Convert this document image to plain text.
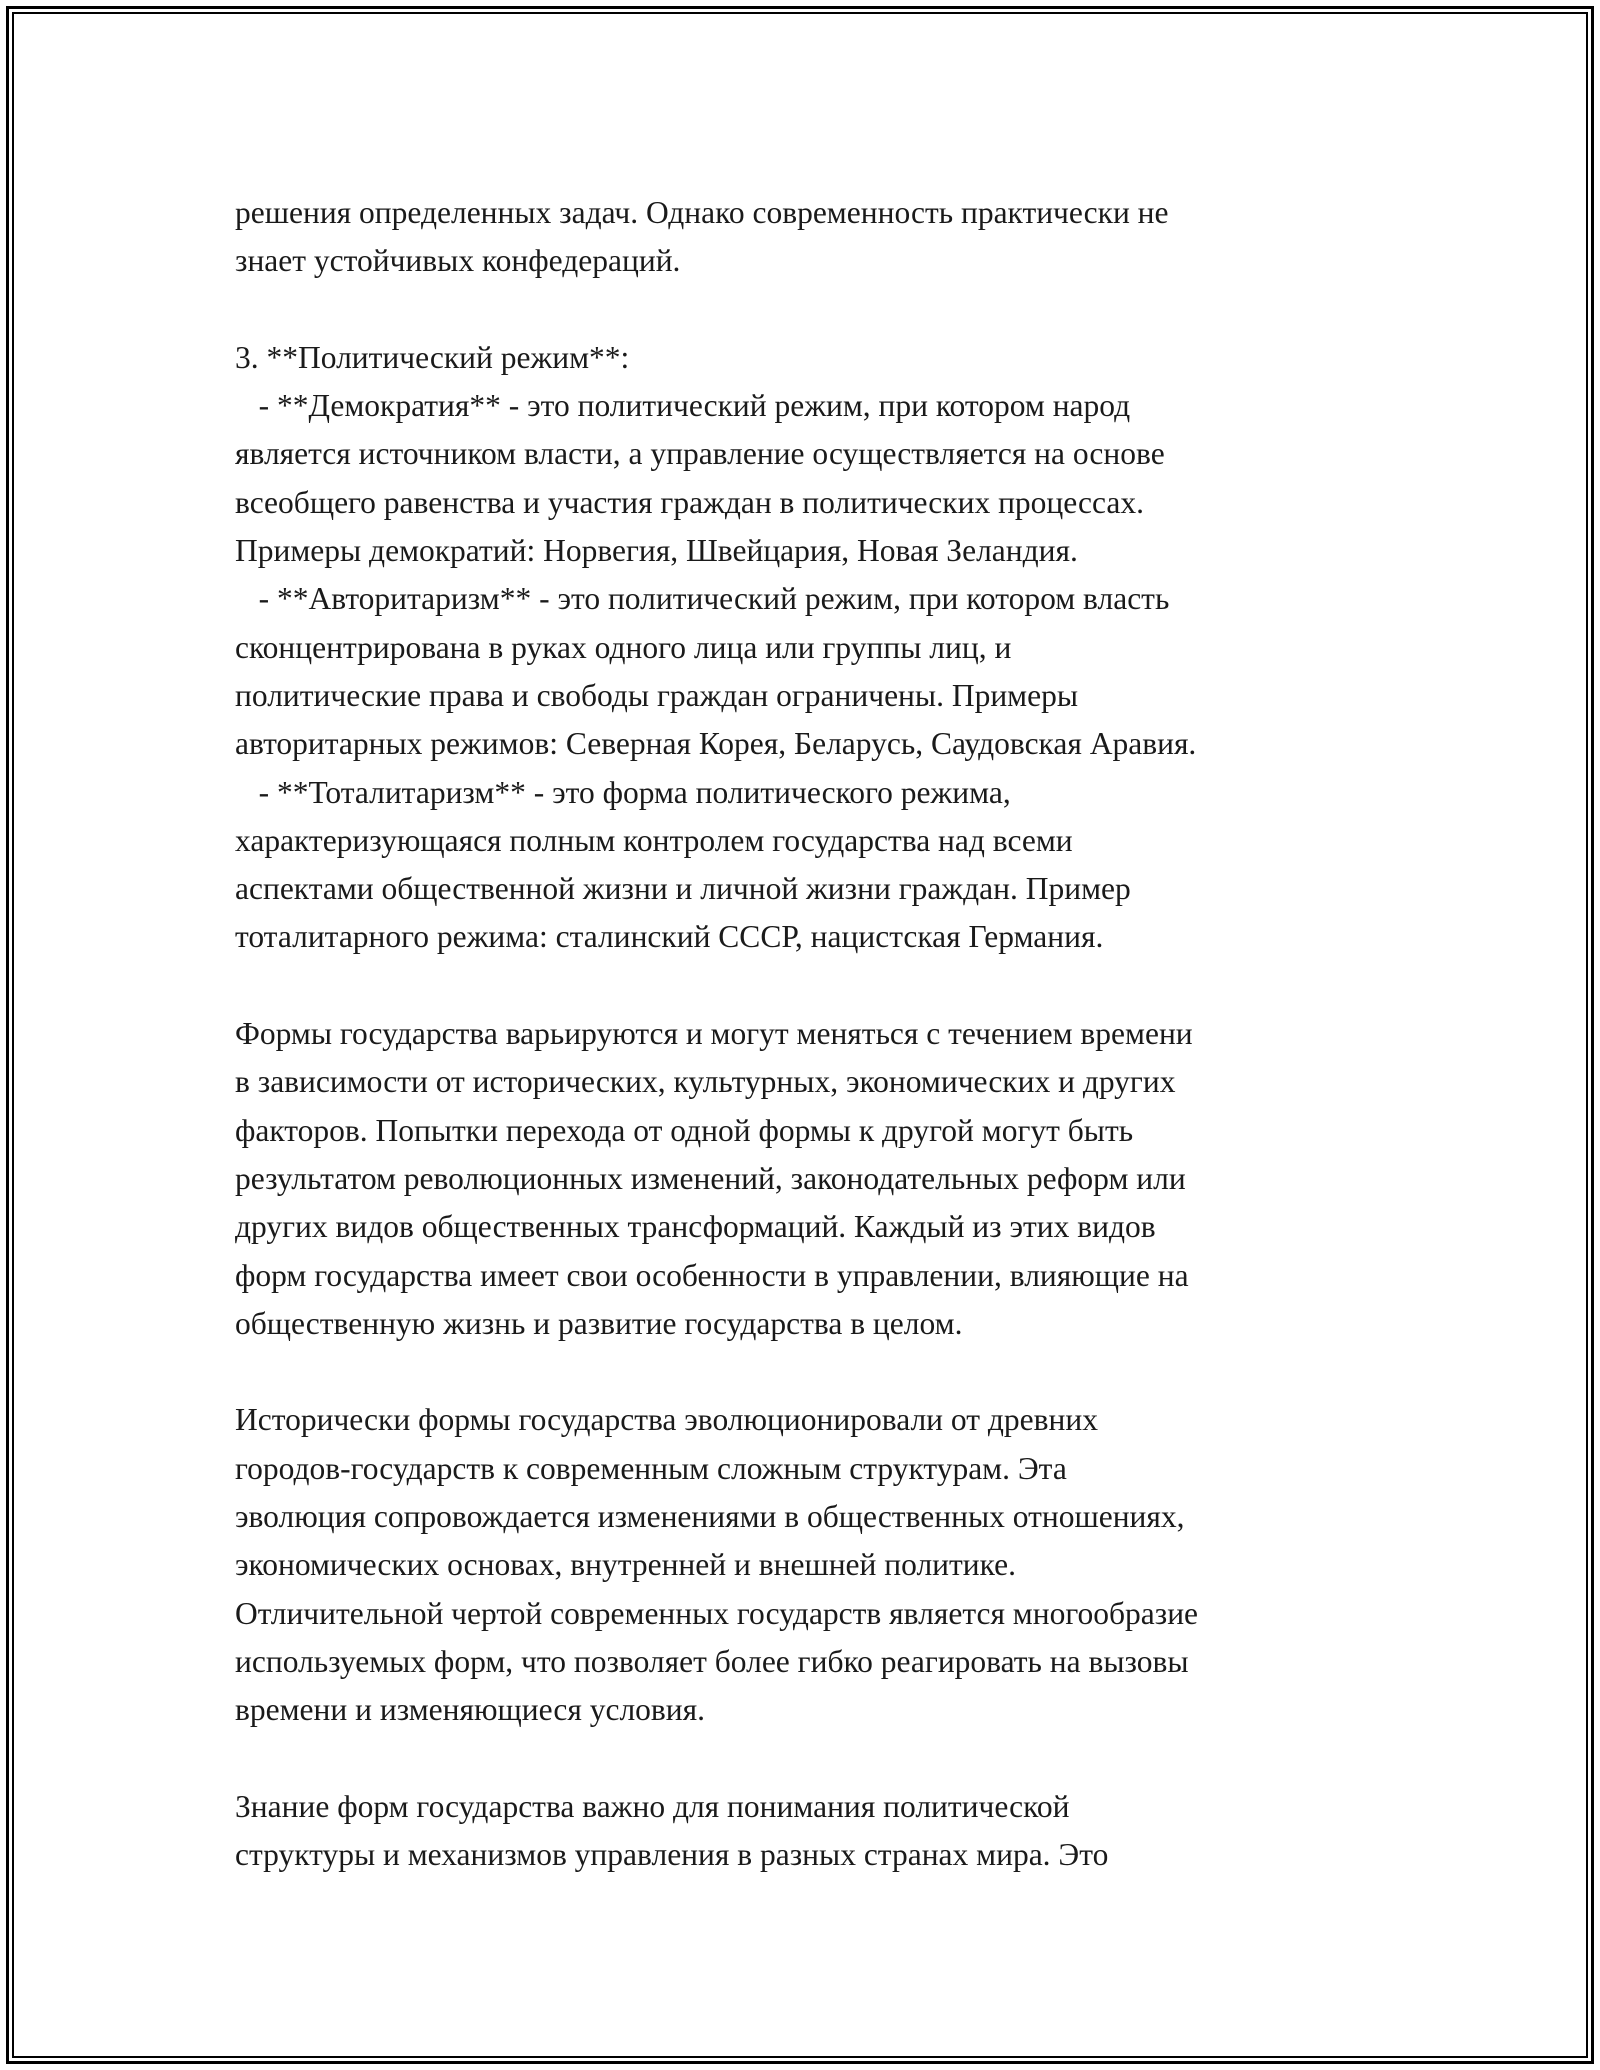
решения определенных задач. Однако современность практически не
знает устойчивых конфедераций.
3. **Политический режим**:
- **Демократия** - это политический режим, при котором народ
является источником власти, а управление осуществляется на основе
всеобщего равенства и участия граждан в политических процессах.
Примеры демократий: Норвегия, Швейцария, Новая Зеландия.
- **Авторитаризм** - это политический режим, при котором власть
сконцентрирована в руках одного лица или группы лиц, и
политические права и свободы граждан ограничены. Примеры
авторитарных режимов: Северная Корея, Беларусь, Саудовская Аравия.
- **Тоталитаризм** - это форма политического режима,
характеризующаяся полным контролем государства над всеми
аспектами общественной жизни и личной жизни граждан. Пример
тоталитарного режима: сталинский СССР, нацистская Германия.
Формы государства варьируются и могут меняться с течением времени
в зависимости от исторических, культурных, экономических и других
факторов. Попытки перехода от одной формы к другой могут быть
результатом революционных изменений, законодательных реформ или
других видов общественных трансформаций. Каждый из этих видов
форм государства имеет свои особенности в управлении, влияющие на
общественную жизнь и развитие государства в целом.
Исторически формы государства эволюционировали от древних
городов-государств к современным сложным структурам. Эта
эволюция сопровождается изменениями в общественных отношениях,
экономических основах, внутренней и внешней политике.
Отличительной чертой современных государств является многообразие
используемых форм, что позволяет более гибко реагировать на вызовы
времени и изменяющиеся условия.
Знание форм государства важно для понимания политической
структуры и механизмов управления в разных странах мира. Это
